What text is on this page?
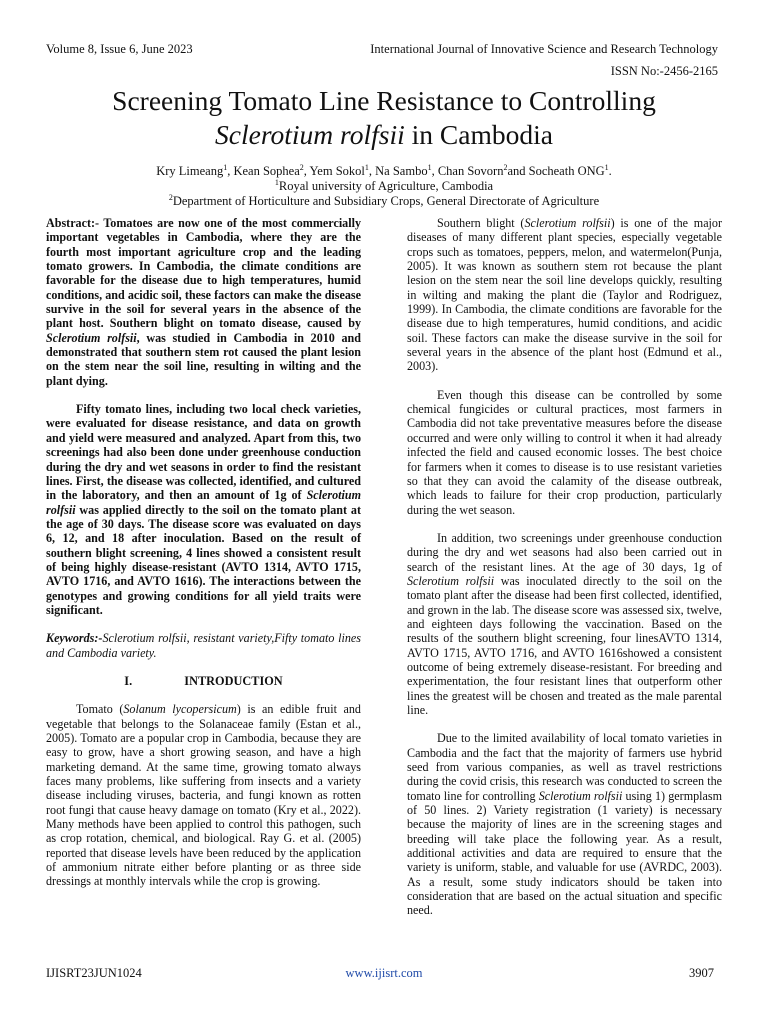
Volume 8, Issue 6, June 2023	International Journal of Innovative Science and Research Technology
ISSN No:-2456-2165
Screening Tomato Line Resistance to Controlling
Sclerotium rolfsii in Cambodia
Kry Limeang$^1$, Kean Sophea$^2$, Yem Sokol$^1$, Na Sambo$^1$, Chan Sovorn$^2$and Socheath ONG$^1$.
$^1$Royal university of Agriculture, Cambodia
$^2$Department of Horticulture and Subsidiary Crops, General Directorate of Agriculture

Abstract:- Tomatoes are now one of the most commercially important vegetables in Cambodia, where they are the fourth most important agriculture crop and the leading tomato growers. In Cambodia, the climate conditions are favorable for the disease due to high temperatures, humid conditions, and acidic soil, these factors can make the disease survive in the soil for several years in the absence of the plant host. Southern blight on tomato disease, caused by Sclerotium rolfsii, was studied in Cambodia in 2010 and demonstrated that southern stem rot caused the plant lesion on the stem near the soil line, resulting in wilting and the plant dying.

Fifty tomato lines, including two local check varieties, were evaluated for disease resistance, and data on growth and yield were measured and analyzed. Apart from this, two screenings had also been done under greenhouse conduction during the dry and wet seasons in order to find the resistant lines. First, the disease was collected, identified, and cultured in the laboratory, and then an amount of 1g of Sclerotium rolfsii was applied directly to the soil on the tomato plant at the age of 30 days. The disease score was evaluated on days 6, 12, and 18 after inoculation. Based on the result of southern blight screening, 4 lines showed a consistent result of being highly disease-resistant (AVTO 1314, AVTO 1715, AVTO 1716, and AVTO 1616). The interactions between the genotypes and growing conditions for all yield traits were significant.

Keywords:-Sclerotium rolfsii, resistant variety,Fifty tomato lines and Cambodia variety.

I.	INTRODUCTION

Tomato (Solanum lycopersicum) is an edible fruit and vegetable that belongs to the Solanaceae family (Estan et al., 2005). Tomato are a popular crop in Cambodia, because they are easy to grow, have a short growing season, and have a high marketing demand. At the same time, growing tomato always faces many problems, like suffering from insects and a variety disease including viruses, bacteria, and fungi known as rotten root fungi that cause heavy damage on tomato (Kry et al., 2022). Many methods have been applied to control this pathogen, such as crop rotation, chemical, and biological. Ray G. et al. (2005) reported that disease levels have been reduced by the application of ammonium nitrate either before planting or as three side dressings at monthly intervals while the crop is growing.

Southern blight (Sclerotium rolfsii) is one of the major diseases of many different plant species, especially vegetable crops such as tomatoes, peppers, melon, and watermelon(Punja, 2005). It was known as southern stem rot because the plant lesion on the stem near the soil line develops quickly, resulting in wilting and making the plant die (Taylor and Rodriguez, 1999). In Cambodia, the climate conditions are favorable for the disease due to high temperatures, humid conditions, and acidic soil. These factors can make the disease survive in the soil for several years in the absence of the plant host (Edmund et al., 2003).

Even though this disease can be controlled by some chemical fungicides or cultural practices, most farmers in Cambodia did not take preventative measures before the disease occurred and were only willing to control it when it had already infected the field and caused economic losses. The best choice for farmers when it comes to disease is to use resistant varieties so that they can avoid the calamity of the disease outbreak, which leads to failure for their crop production, particularly during the wet season.

In addition, two screenings under greenhouse conduction during the dry and wet seasons had also been carried out in search of the resistant lines. At the age of 30 days, 1g of Sclerotium rolfsii was inoculated directly to the soil on the tomato plant after the disease had been first collected, identified, and grown in the lab. The disease score was assessed six, twelve, and eighteen days following the vaccination. Based on the results of the southern blight screening, four linesAVTO 1314, AVTO 1715, AVTO 1716, and AVTO 1616showed a consistent outcome of being extremely disease-resistant. For breeding and experimentation, the four resistant lines that outperform other lines the greatest will be chosen and treated as the male parental line.

Due to the limited availability of local tomato varieties in Cambodia and the fact that the majority of farmers use hybrid seed from various companies, as well as travel restrictions during the covid crisis, this research was conducted to screen the tomato line for controlling Sclerotium rolfsii using 1) germplasm of 50 lines. 2) Variety registration (1 variety) is necessary because the majority of lines are in the screening stages and breeding will take place the following year. As a result, additional activities and data are required to ensure that the variety is uniform, stable, and valuable for use (AVRDC, 2003). As a result, some study indicators should be taken into consideration that are based on the actual situation and specific need.

IJISRT23JUN1024	www.ijisrt.com	3907
